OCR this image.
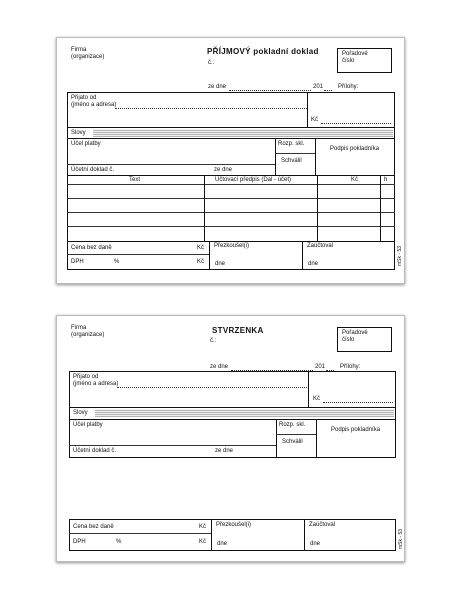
Firma
(organizace)
PŘÍJMOVÝ pokladní doklad
č.:
Pořadové
číslo
ze dne	201 Přílohy:
Přijato od
(jméno a adresa)
Kč
Slovy
Účel platby	Rozp. skl.
Podpis pokladníka
Schválil
Účetní doklad č.	ze dne
Text	Účtovací předpis (Dal - účet)	Kč	h
Cena bez daně	Kč
DPH	%	Kč
Přezkoušel(i)
dne
Zaúčtoval
dne	mSk - 53
Firma
(organizace)	STVRZENKA
č.:
Pořadové
číslo
ze dne	201 Přílohy:
Přijato od
(jméno a adresa)
Kč
Slovy
Účel platby	Rozp. skl.
Podpis pokladníka
Schválil
Účetní doklad č.	ze dne
Cena bez daně	Kč
DPH	%	Kč
Přezkoušel(i)
dne
Zaúčtoval
dne	mSk - 53
